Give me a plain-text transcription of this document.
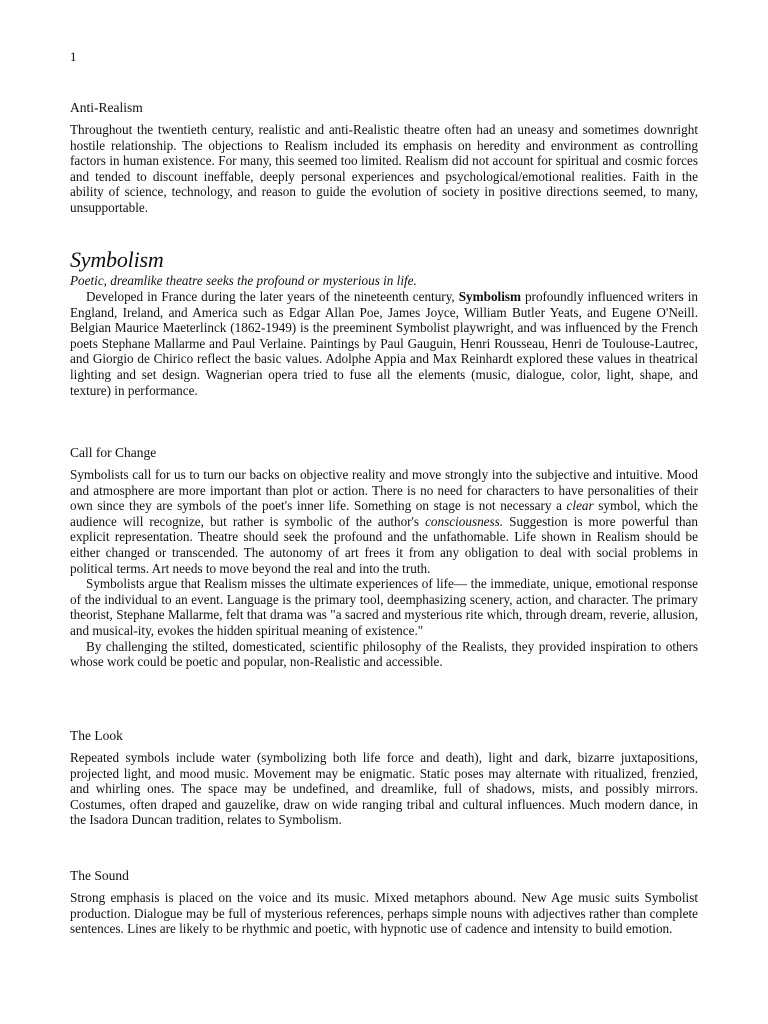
1
Anti-Realism

Throughout the twentieth century, realistic and anti-Realistic theatre often had an uneasy and sometimes downright hostile relationship. The objections to Realism included its emphasis on heredity and environment as controlling factors in human existence. For many, this seemed too limited. Realism did not account for spiritual and cosmic forces and tended to discount ineffable, deeply personal experiences and psychological/emotional realities. Faith in the ability of science, technology, and reason to guide the evolution of society in positive directions seemed, to many, unsupportable.

Symbolism

Poetic, dreamlike theatre seeks the profound or mysterious in life.

Developed in France during the later years of the nineteenth century, Symbolism profoundly influenced writers in England, Ireland, and America such as Edgar Allan Poe, James Joyce, William Butler Yeats, and Eugene O'Neill. Belgian Maurice Maeterlinck (1862-1949) is the preeminent Symbolist playwright, and was influenced by the French poets Stephane Mallarme and Paul Verlaine. Paintings by Paul Gauguin, Henri Rousseau, Henri de Toulouse-Lautrec, and Giorgio de Chirico reflect the basic values. Adolphe Appia and Max Reinhardt explored these values in theatrical lighting and set design. Wagnerian opera tried to fuse all the elements (music, dialogue, color, light, shape, and texture) in performance.

Call for Change

Symbolists call for us to turn our backs on objective reality and move strongly into the subjective and intuitive. Mood and atmosphere are more important than plot or action. There is no need for characters to have personalities of their own since they are symbols of the poet's inner life. Something on stage is not necessary a clear symbol, which the audience will recognize, but rather is symbolic of the author's consciousness. Suggestion is more powerful than explicit representation. Theatre should seek the profound and the unfathomable. Life shown in Realism should be either changed or transcended. The autonomy of art frees it from any obligation to deal with social problems in political terms. Art needs to move beyond the real and into the truth.

Symbolists argue that Realism misses the ultimate experiences of life— the immediate, unique, emotional response of the individual to an event. Language is the primary tool, deemphasizing scenery, action, and character. The primary theorist, Stephane Mallarme, felt that drama was "a sacred and mysterious rite which, through dream, reverie, allusion, and musical-ity, evokes the hidden spiritual meaning of existence."

By challenging the stilted, domesticated, scientific philosophy of the Realists, they provided inspiration to others whose work could be poetic and popular, non-Realistic and accessible.

The Look

Repeated symbols include water (symbolizing both life force and death), light and dark, bizarre juxtapositions, projected light, and mood music. Movement may be enigmatic. Static poses may alternate with ritualized, frenzied, and whirling ones. The space may be undefined, and dreamlike, full of shadows, mists, and possibly mirrors. Costumes, often draped and gauzelike, draw on wide ranging tribal and cultural influences. Much modern dance, in the Isadora Duncan tradition, relates to Symbolism.

The Sound

Strong emphasis is placed on the voice and its music. Mixed metaphors abound. New Age music suits Symbolist production. Dialogue may be full of mysterious references, perhaps simple nouns with adjectives rather than complete sentences. Lines are likely to be rhythmic and poetic, with hypnotic use of cadence and intensity to build emotion.
